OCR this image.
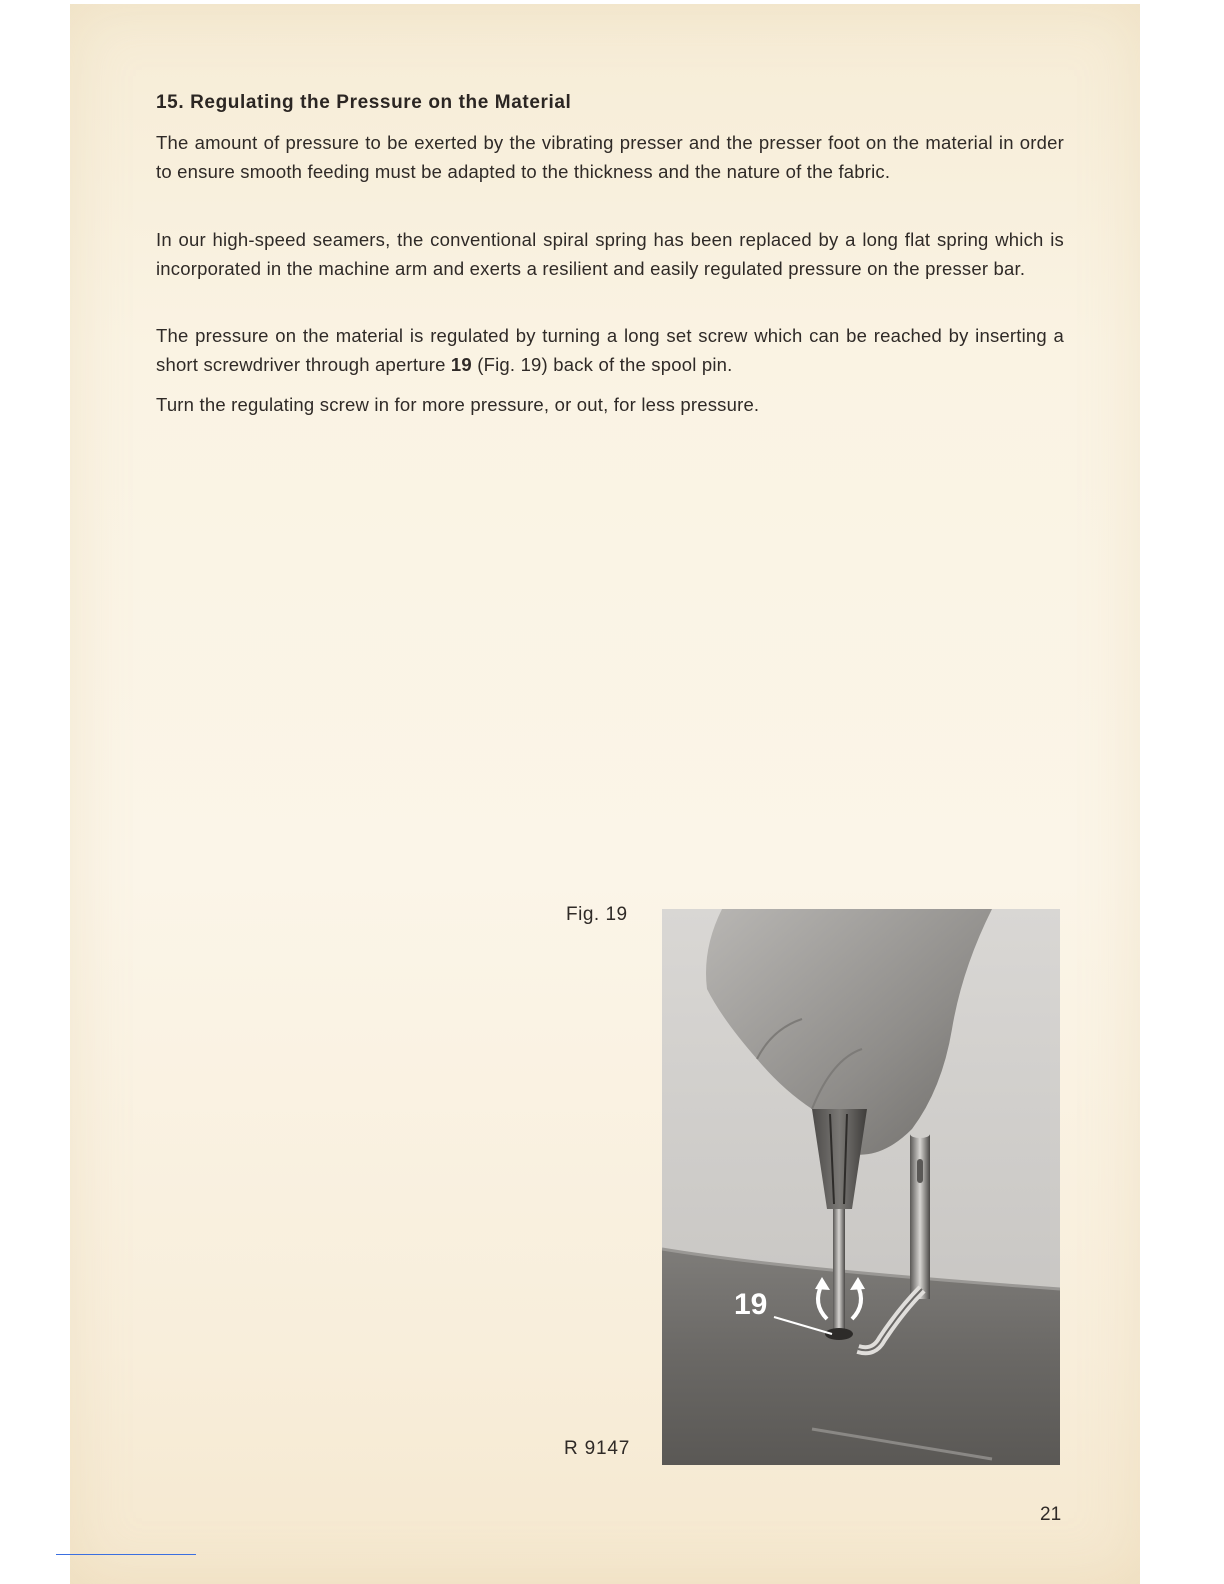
15. Regulating the Pressure on the Material

The amount of pressure to be exerted by the vibrating presser and the presser foot on the material in order to ensure smooth feeding must be adapted to the thickness and the nature of the fabric.

In our high-speed seamers, the conventional spiral spring has been replaced by a long flat spring which is incorporated in the machine arm and exerts a resilient and easily regulated pressure on the presser bar.

The pressure on the material is regulated by turning a long set screw which can be reached by inserting a short screwdriver through aperture 19 (Fig. 19) back of the spool pin.

Turn the regulating screw in for more pressure, or out, for less pressure.

Fig. 19
R 9147
19
21
